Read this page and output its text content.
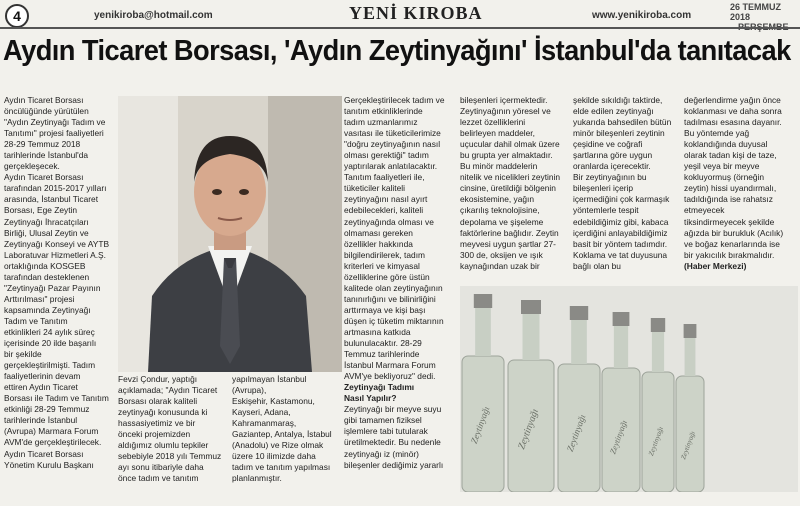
4	yenikiroba@hotmail.com	YENİ KIROBA	www.yenikiroba.com
26 TEMMUZ 2018
Aydın Ticaret Borsası, 'Aydın Zeytinyağını' İstanbul'da tanıtacak
Aydın Ticaret Borsası
öncülüğünde yürütülen
"Aydın Zeytinyağı Tadım ve
Tanıtımı" projesi faaliyetleri
28-29 Temmuz 2018
tarihlerinde İstanbul'da
gerçekleşecek.
Aydın Ticaret Borsası
tarafından 2015-2017 yılları
arasında, İstanbul Ticaret
Borsası, Ege Zeytin
Zeytinyağı İhracatçıları
Birliği, Ulusal Zeytin ve
Zeytinyağı Konseyi ve AYTB
Laboratuvar Hizmetleri A.Ş.
ortaklığında KOSGEB
tarafından desteklenen
"Zeytinyağı Pazar Payının
Arttırılması" projesi
kapsamında Zeytinyağı
Tadım ve Tanıtım
etkinlikleri 24 aylık süreç
içerisinde 20 ilde başarılı
bir şekilde
gerçekleştirilmişti. Tadım
faaliyetlerinin devam
ettiren Aydın Ticaret
Borsası ile Tadım ve Tanıtım
etkinliği 28-29 Temmuz
tarihlerinde İstanbul
(Avrupa) Marmara Forum
AVM'de gerçekleştirilecek.
Aydın Ticaret Borsası
Yönetim Kurulu Başkanı
Fevzi Çondur, yaptığı
açıklamada; "Aydın Ticaret
Borsası olarak kaliteli
zeytinyağı konusunda ki
hassasiyetimiz ve bir
önceki projemizden
aldığımız olumlu tepkiler
sebebiyle 2018 yılı Temmuz
ayı sonu itibariyle daha
önce tadım ve tanıtım
yapılmayan İstanbul
(Avrupa),
Eskişehir, Kastamonu,
Kayseri, Adana,
Kahramanmaraş,
Gaziantep, Antalya, İstabul
(Anadolu) ve Rize olmak
üzere 10 ilimizde daha
tadım ve tanıtım yapılması
planlanmıştır.
Gerçekleştirilecek tadım ve
tanıtım etkinliklerinde
tadım uzmanlarımız
vasıtası ile tüketicilerimize
"doğru zeytinyağının nasıl
olması gerektiği" tadım
yaptırılarak anlatılacaktır.
Tanıtım faaliyetleri ile,
tüketiciler kaliteli
zeytinyağını nasıl ayırt
edebilecekleri, kaliteli
zeytinyağında olması ve
olmaması gereken
özellikler hakkında
bilgilendirilerek, tadım
kriterleri ve kimyasal
özelliklerine göre üstün
kalitede olan zeytinyağının
tanınırlığını ve bilinirliğini
arttırmaya ve kişi başı
düşen iç tüketim miktarının
artmasına katkıda
bulunulacaktır. 28-29
Temmuz tarihlerinde
İstanbul Marmara Forum
AVM'ye bekliyoruz" dedi.
Zeytinyağı Tadımı
Nasıl Yapılır?
Zeytinyağı bir meyve suyu
gibi tamamen fiziksel
işlemlere tabi tutularak
üretilmektedir. Bu nedenle
zeytinyağı iz (minör)
bileşenler dediğimiz yararlı
bileşenleri içermektedir.
Zeytinyağının yöresel ve
lezzet özelliklerini
belirleyen maddeler,
uçucular dahil olmak üzere
bu grupta yer almaktadır.
Bu minör maddelerin
nitelik ve nicelikleri zeytinin
cinsine, üretildiği bölgenin
ekosistemine, yağın
çıkarılış teknolojisine,
depolama ve şişeleme
faktörlerine bağlıdır. Zeytin
meyvesi uygun şartlar 27-
300 de, oksijen ve ışık
kaynağından uzak bir
şekilde sıkıldığı taktirde,
elde edilen zeytinyağı
yukarıda bahsedilen bütün
minör bileşenleri zeytinin
çeşidine ve coğrafi
şartlarına göre uygun
oranlarda içerecektir.
Bir zeytinyağının bu
bileşenleri içerip
içermediğini çok karmaşık
yöntemlerle tespit
edebildiğimiz gibi, kabaca
içerdiğini anlayabildiğimiz
basit bir yöntem tadımdır.
Koklama ve tat duyusuna
bağlı olan bu
değerlendirme yağın önce
koklanması ve daha sonra
tadılması esasına dayanır.
Bu yöntemde yağ
koklandığında duyusal
olarak tadan kişi de taze,
yeşil veya bir meyve
kokluyormuş (örneğin
zeytin) hissi uyandırmalı,
tadıldığında ise rahatsız
etmeyecek
tiksindirmeyecek şekilde
ağızda bir burukluk (Acılık)
ve boğaz kenarlarında ise
bir yakıcılık bırakmalıdır.
(Haber Merkezi)
Zeytinyağı
Zeytinyağı
Zeytinyağı
Zeytinyağı
Zeytinyağı
Zeytinyağı
